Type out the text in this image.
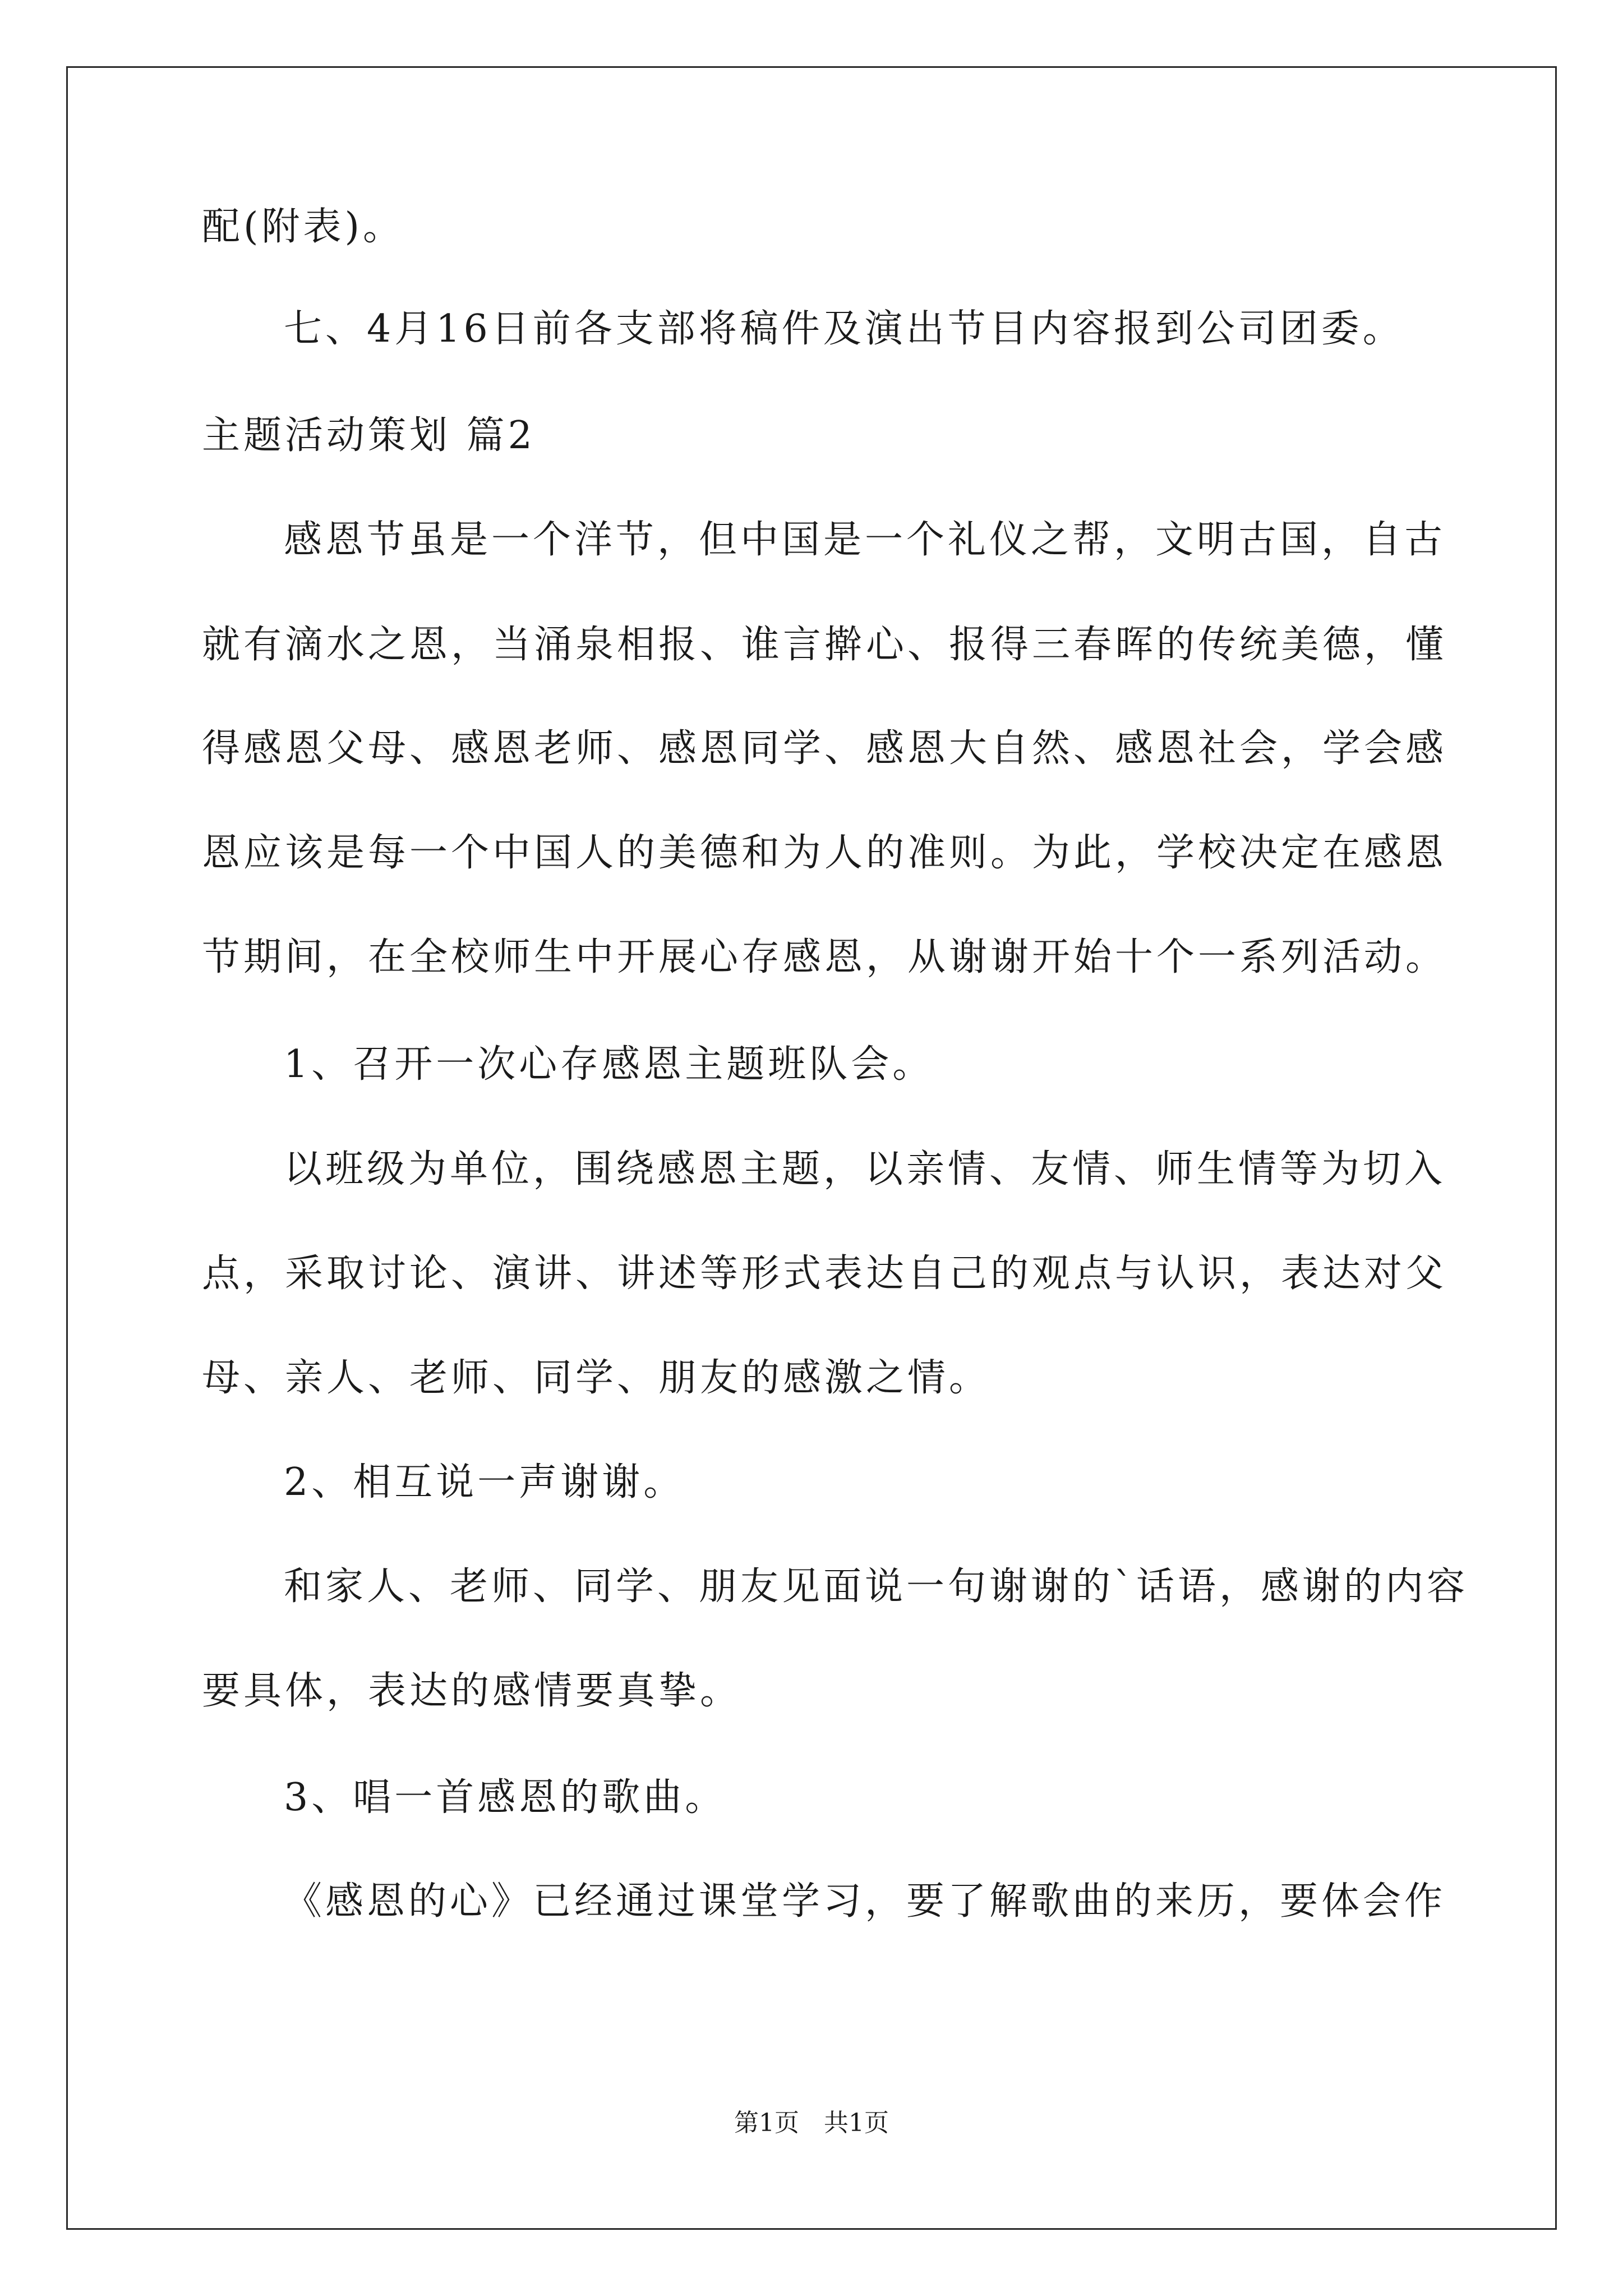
配(附表)。
七、4月16日前各支部将稿件及演出节目内容报到公司团委。
主题活动策划 篇2
感恩节虽是一个洋节，但中国是一个礼仪之帮，文明古国，自古
就有滴水之恩，当涌泉相报、谁言擀心、报得三春晖的传统美德，懂
得感恩父母、感恩老师、感恩同学、感恩大自然、感恩社会，学会感
恩应该是每一个中国人的美德和为人的准则。为此，学校决定在感恩
节期间，在全校师生中开展心存感恩，从谢谢开始十个一系列活动。
1、召开一次心存感恩主题班队会。
以班级为单位，围绕感恩主题，以亲情、友情、师生情等为切入
点，采取讨论、演讲、讲述等形式表达自己的观点与认识，表达对父
母、亲人、老师、同学、朋友的感激之情。
2、相互说一声谢谢。
和家人、老师、同学、朋友见面说一句谢谢的`话语，感谢的内容
要具体，表达的感情要真挚。
3、唱一首感恩的歌曲。
《感恩的心》已经通过课堂学习，要了解歌曲的来历，要体会作
第1页　共1页
